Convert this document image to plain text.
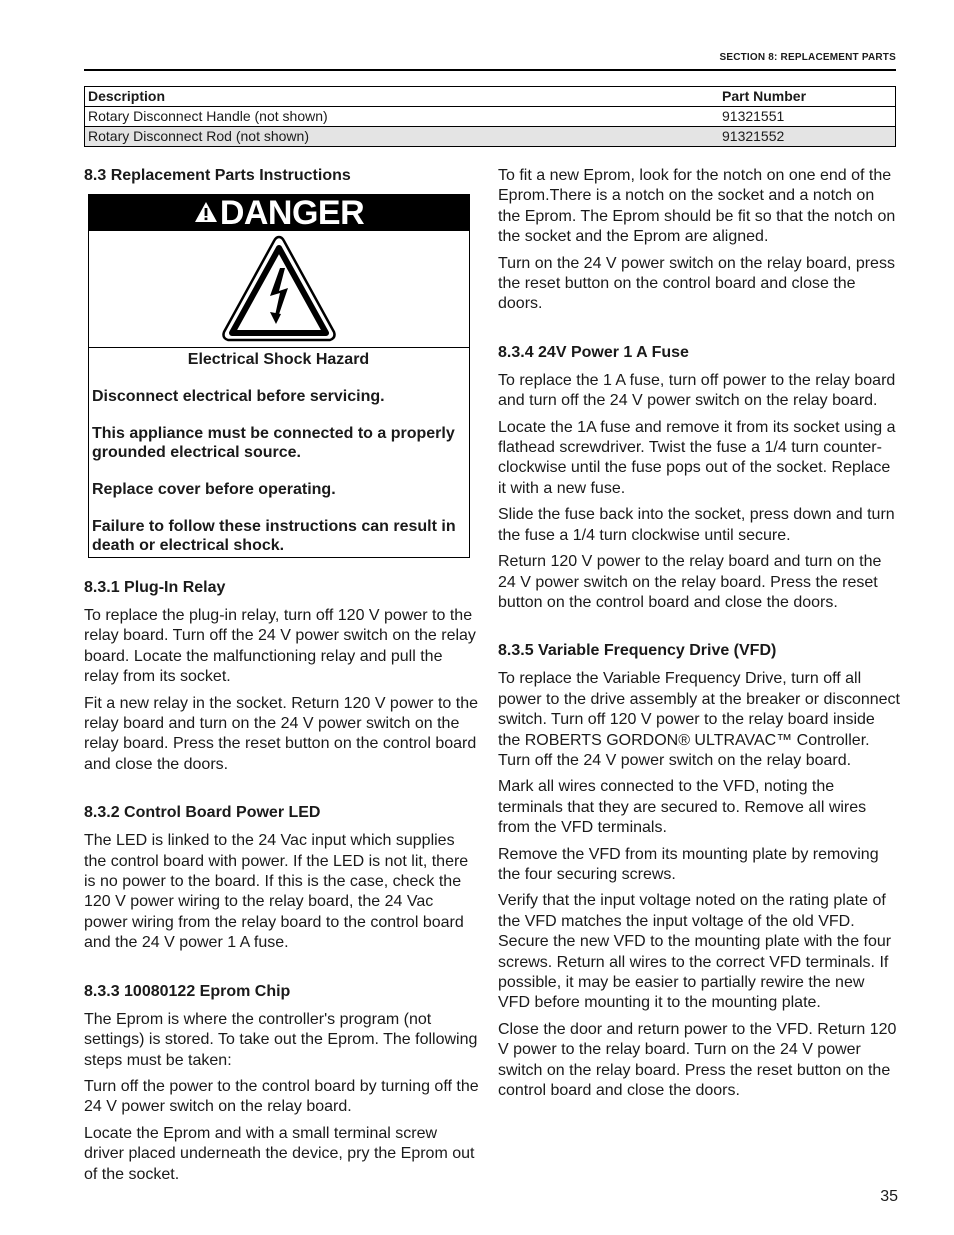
SECTION 8: REPLACEMENT PARTS
Description	Part Number
Rotary Disconnect Handle (not shown)	91321551
Rotary Disconnect Rod (not shown)	91321552
8.3 Replacement Parts Instructions
DANGER
Electrical Shock Hazard
Disconnect electrical before servicing.
This appliance must be connected to a properly grounded electrical source.
Replace cover before operating.
Failure to follow these instructions can result in death or electrical shock.
8.3.1 Plug-In Relay

To replace the plug-in relay, turn off 120 V power to the relay board. Turn off the 24 V power switch on the relay board. Locate the malfunctioning relay and pull the relay from its socket.

Fit a new relay in the socket. Return 120 V power to the relay board and turn on the 24 V power switch on the relay board. Press the reset button on the control board and close the doors.

8.3.2 Control Board Power LED

The LED is linked to the 24 Vac input which supplies the control board with power. If the LED is not lit, there is no power to the board. If this is the case, check the 120 V power wiring to the relay board, the 24 Vac power wiring from the relay board to the control board and the 24 V power 1 A fuse.

8.3.3 10080122 Eprom Chip

The Eprom is where the controller's program (not settings) is stored. To take out the Eprom. The following steps must be taken:

Turn off the power to the control board by turning off the 24 V power switch on the relay board.

Locate the Eprom and with a small terminal screw driver placed underneath the device, pry the Eprom out of the socket.

To fit a new Eprom, look for the notch on one end of the Eprom.There is a notch on the socket and a notch on the Eprom. The Eprom should be fit so that the notch on the socket and the Eprom are aligned.

Turn on the 24 V power switch on the relay board, press the reset button on the control board and close the doors.

8.3.4 24V Power 1 A Fuse

To replace the 1 A fuse, turn off power to the relay board and turn off the 24 V power switch on the relay board.

Locate the 1A fuse and remove it from its socket using a flathead screwdriver. Twist the fuse a 1/4 turn counter-clockwise until the fuse pops out of the socket. Replace it with a new fuse.

Slide the fuse back into the socket, press down and turn the fuse a 1/4 turn clockwise until secure.

Return 120 V power to the relay board and turn on the 24 V power switch on the relay board. Press the reset button on the control board and close the doors.

8.3.5 Variable Frequency Drive (VFD)

To replace the Variable Frequency Drive, turn off all power to the drive assembly at the breaker or disconnect switch. Turn off 120 V power to the relay board inside the ROBERTS GORDON® ULTRAVAC™ Controller. Turn off the 24 V power switch on the relay board.

Mark all wires connected to the VFD, noting the terminals that they are secured to. Remove all wires from the VFD terminals.

Remove the VFD from its mounting plate by removing the four securing screws.

Verify that the input voltage noted on the rating plate of the VFD matches the input voltage of the old VFD. Secure the new VFD to the mounting plate with the four screws. Return all wires to the correct VFD terminals. If possible, it may be easier to partially rewire the new VFD before mounting it to the mounting plate.

Close the door and return power to the VFD. Return 120 V power to the relay board. Turn on the 24 V power switch on the relay board. Press the reset button on the control board and close the doors.

35
